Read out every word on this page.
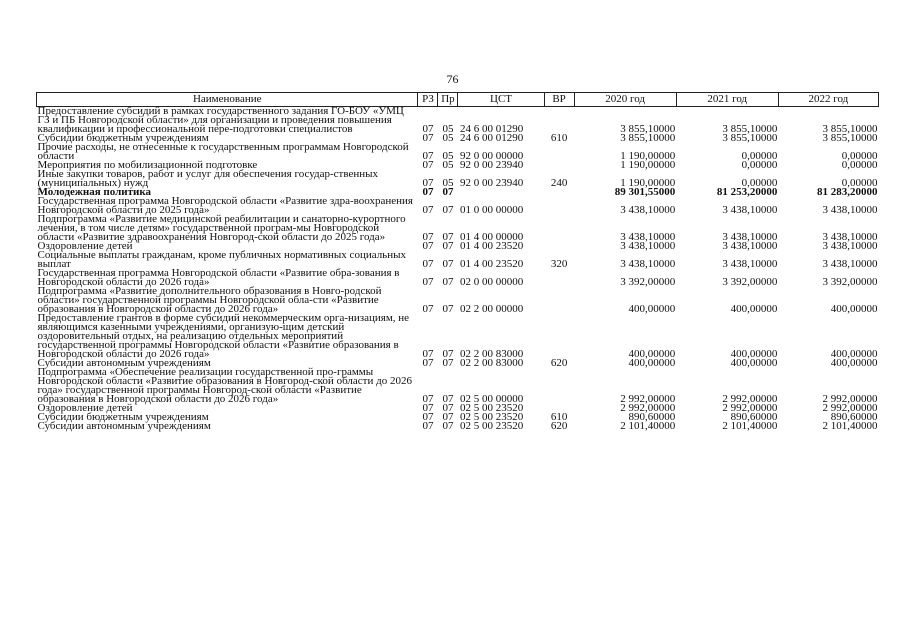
76
Наименование	РЗ	Пр	ЦСТ	ВР	2020 год	2021 год	2022 год
Предоставление субсидий в рамках государственного задания ГО-БОУ «УМЦ ГЗ и ПБ Новгородской области» для организации и проведения повышения квалификации и профессиональной пере-подготовки специалистов	07	05	24 6 00 01290		3 855,10000	3 855,10000	3 855,10000
Субсидии бюджетным учреждениям	07	05	24 6 00 01290	610	3 855,10000	3 855,10000	3 855,10000
Прочие расходы, не отнесенные к государственным программам Новгородской области	07	05	92 0 00 00000		1 190,00000	0,00000	0,00000
Мероприятия по мобилизационной подготовке	07	05	92 0 00 23940		1 190,00000	0,00000	0,00000
Иные закупки товаров, работ и услуг для обеспечения государ-ственных (муниципальных) нужд	07	05	92 0 00 23940	240	1 190,00000	0,00000	0,00000
Молодежная политика	07	07			89 301,55000	81 253,20000	81 283,20000
Государственная программа Новгородской области «Развитие здра-воохранения Новгородской области до 2025 года»	07	07	01 0 00 00000		3 438,10000	3 438,10000	3 438,10000
Подпрограмма «Развитие медицинской реабилитации и санаторно-курортного лечения, в том числе детям» государственной програм-мы Новгородской области «Развитие здравоохранения Новгород-ской области до 2025 года»	07	07	01 4 00 00000		3 438,10000	3 438,10000	3 438,10000
Оздоровление детей	07	07	01 4 00 23520		3 438,10000	3 438,10000	3 438,10000
Социальные выплаты гражданам, кроме публичных нормативных социальных выплат	07	07	01 4 00 23520	320	3 438,10000	3 438,10000	3 438,10000
Государственная программа Новгородской области «Развитие обра-зования в Новгородской области до 2026 года»	07	07	02 0 00 00000		3 392,00000	3 392,00000	3 392,00000
Подпрограмма «Развитие дополнительного образования в Новго-родской области» государственной программы Новгородской обла-сти «Развитие образования в Новгородской области до 2026 года»	07	07	02 2 00 00000		400,00000	400,00000	400,00000
Предоставление грантов в форме субсидий некоммерческим орга-низациям, не являющимся казенными учреждениями, организую-щим детский оздоровительный отдых, на реализацию отдельных мероприятий государственной программы Новгородской области «Развитие образования в Новгородской области до 2026 года»	07	07	02 2 00 83000		400,00000	400,00000	400,00000
Субсидии автономным учреждениям	07	07	02 2 00 83000	620	400,00000	400,00000	400,00000
Подпрограмма «Обеспечение реализации государственной про-граммы Новгородской области «Развитие образования в Новгород-ской области до 2026 года» государственной программы Новгород-ской области «Развитие образования в Новгородской области до 2026 года»	07	07	02 5 00 00000		2 992,00000	2 992,00000	2 992,00000
Оздоровление детей	07	07	02 5 00 23520		2 992,00000	2 992,00000	2 992,00000
Субсидии бюджетным учреждениям	07	07	02 5 00 23520	610	890,60000	890,60000	890,60000
Субсидии автономным учреждениям	07	07	02 5 00 23520	620	2 101,40000	2 101,40000	2 101,40000
